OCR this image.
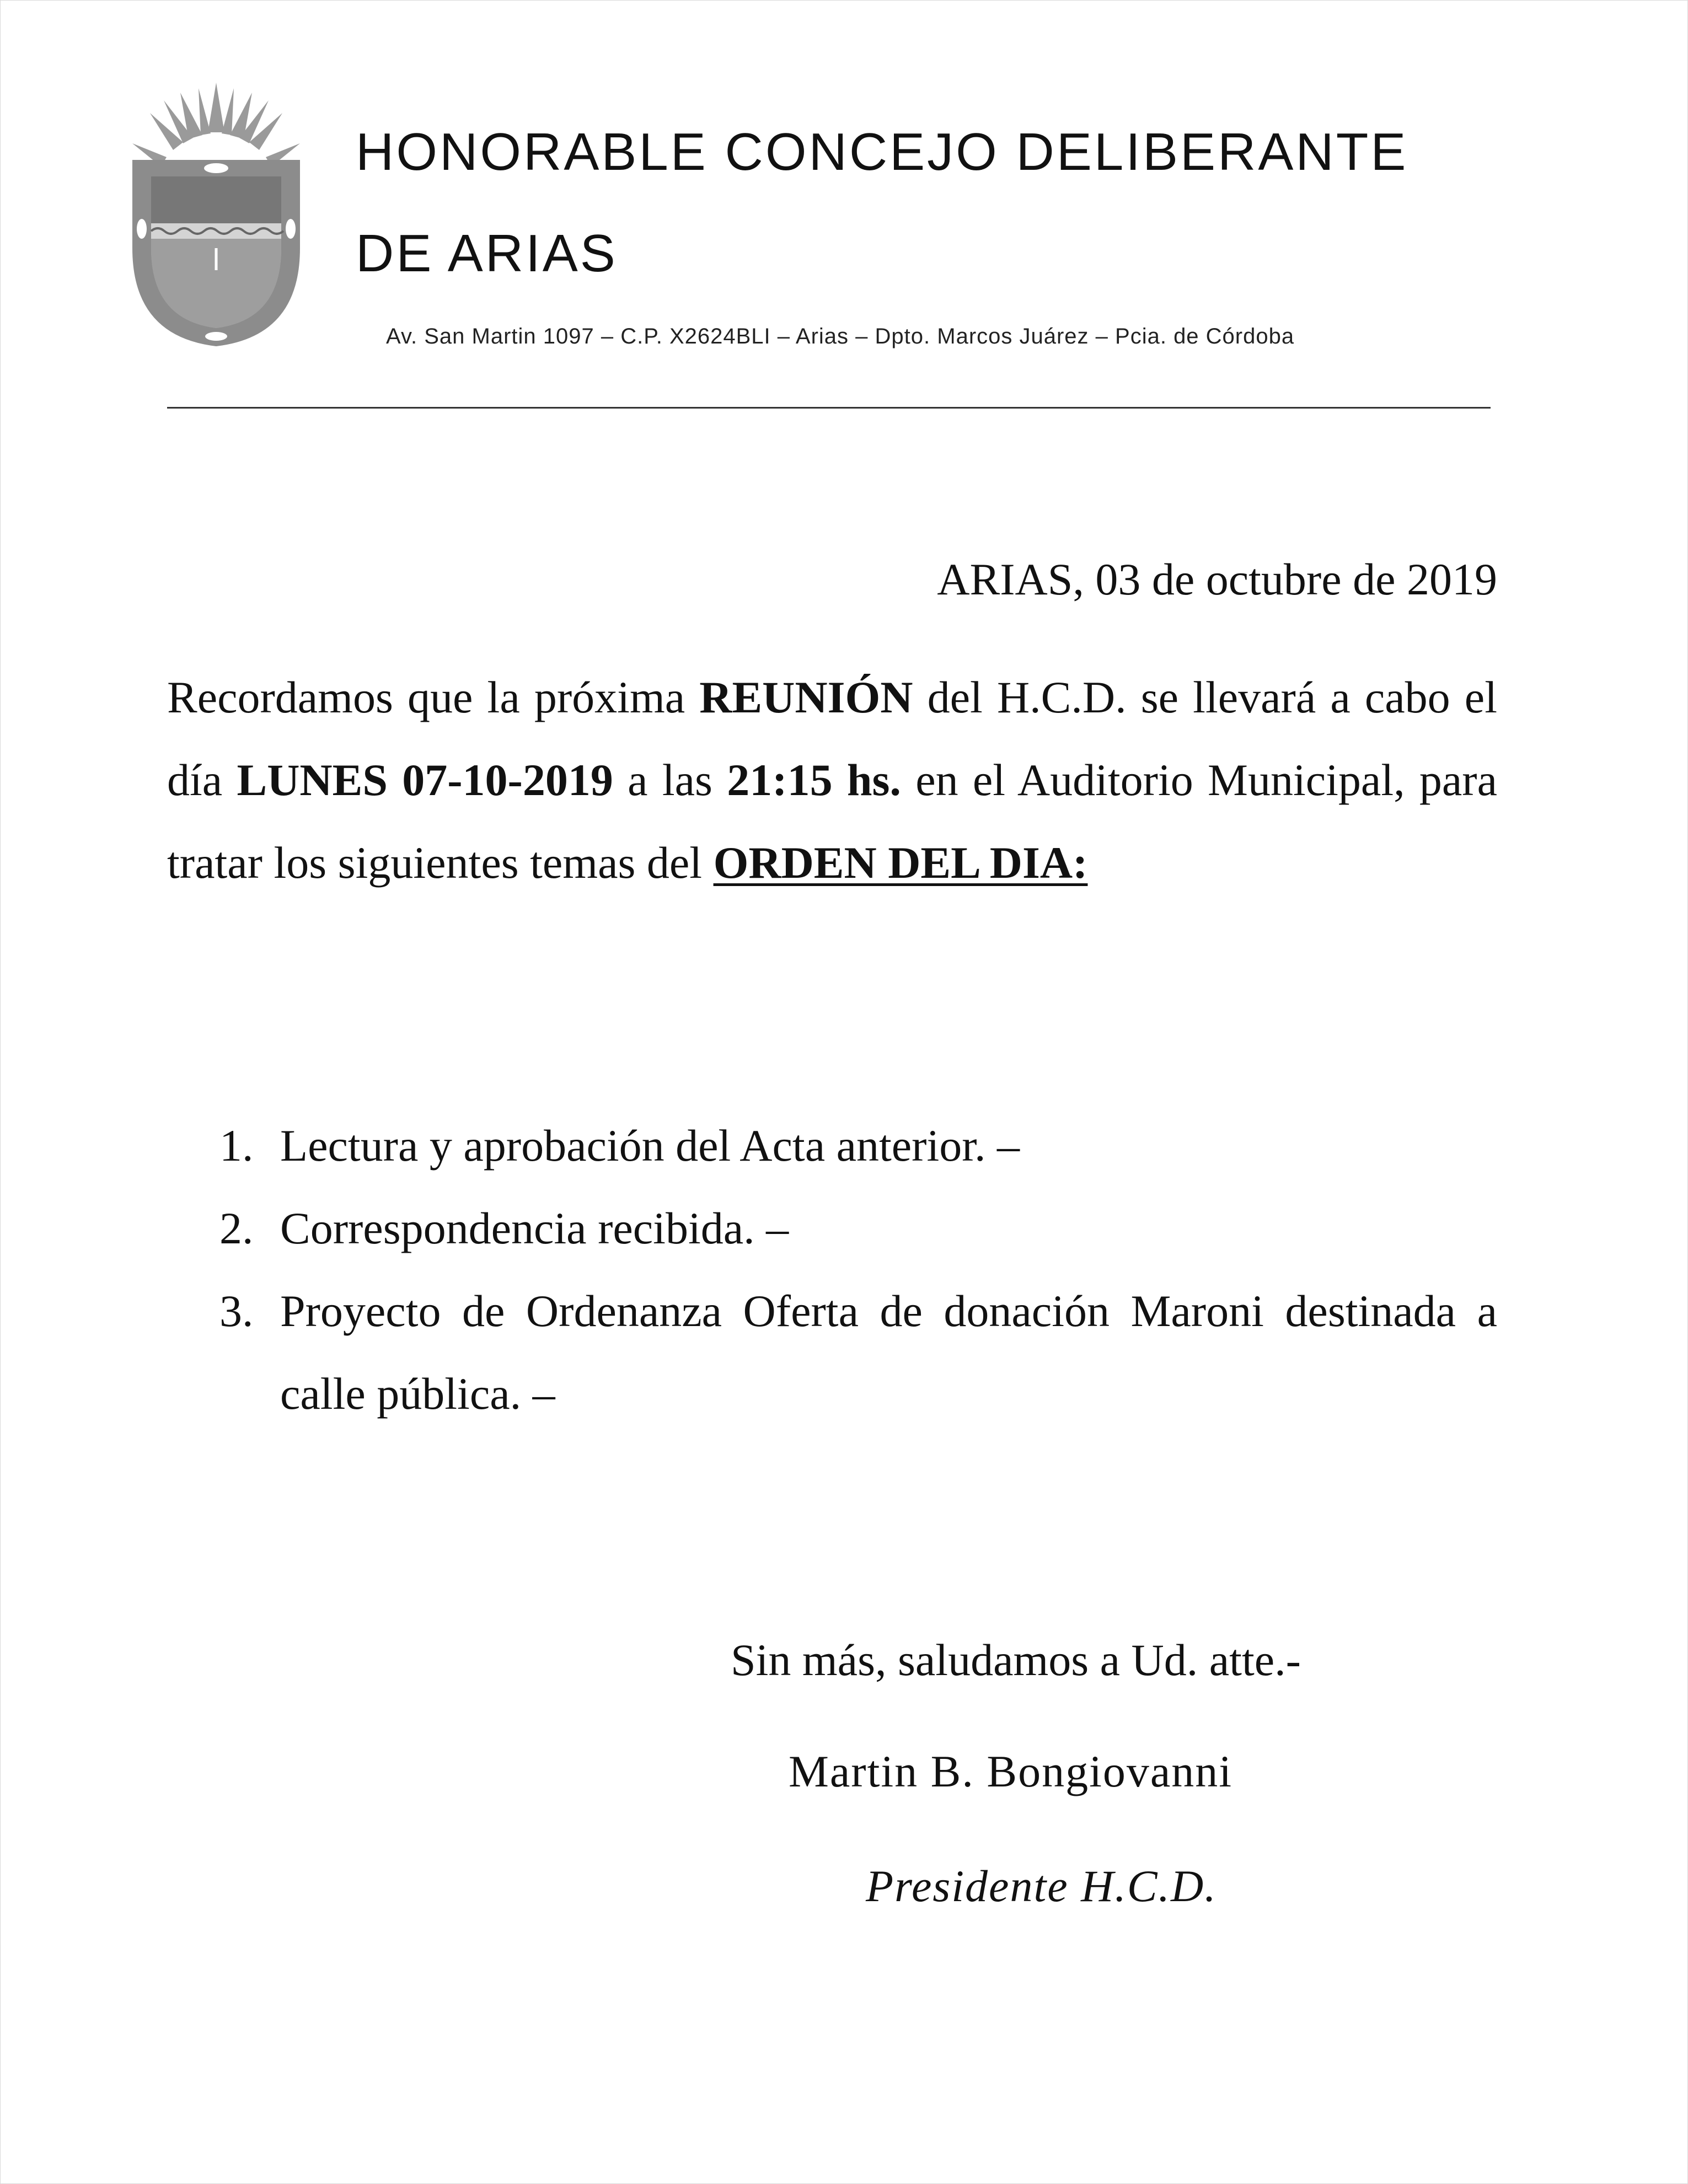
HONORABLE CONCEJO DELIBERANTE
DE ARIAS
Av. San Martin 1097 – C.P. X2624BLI – Arias – Dpto. Marcos Juárez – Pcia. de Córdoba
ARIAS, 03 de octubre de 2019
Recordamos que la próxima REUNIÓN del H.C.D. se llevará a cabo el día LUNES 07-10-2019 a las 21:15 hs. en el Auditorio Municipal, para tratar los siguientes temas del ORDEN DEL DIA:
1. Lectura y aprobación del Acta anterior. –
2. Correspondencia recibida. –
3. Proyecto de Ordenanza Oferta de donación Maroni destinada a calle pública. –
Sin más, saludamos a Ud. atte.-
Martin B. Bongiovanni
Presidente H.C.D.
